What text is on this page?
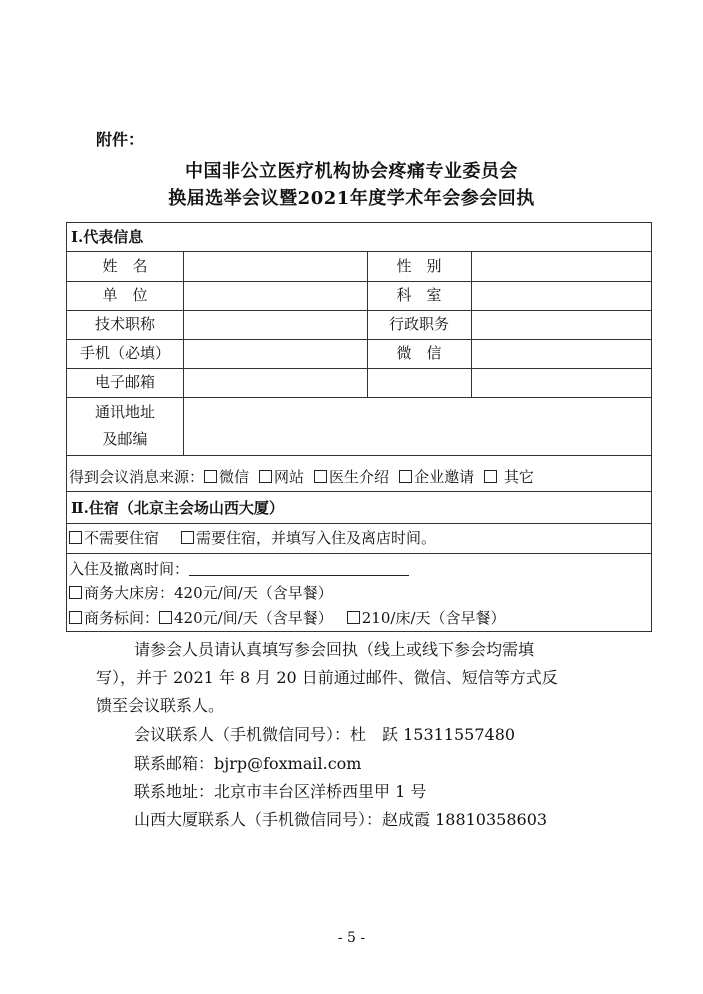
附件：
中国非公立医疗机构协会疼痛专业委员会
换届选举会议暨2021年度学术年会参会回执
Ⅰ.代表信息
姓　名	性　别
单　位	科　室
技术职称	行政职务
手机（必填）	微　信
电子邮箱
通讯地址
及邮编
得到会议消息来源： 微信 网站 医生介绍 企业邀请 其它
Ⅱ.住宿（北京主会场山西大厦）
不需要住宿 需要住宿，并填写入住及离店时间。
入住及撤离时间：
商务大床房：420元/间/天（含早餐）
商务标间： 420元/间/天（含早餐） 210/床/天（含早餐）
请参会人员请认真填写参会回执（线上或线下参会均需填
写），并于 2021 年 8 月 20 日前通过邮件、微信、短信等方式反
馈至会议联系人。
会议联系人（手机微信同号）：杜　跃 15311557480
联系邮箱：bjrp@foxmail.com
联系地址：北京市丰台区洋桥西里甲 1 号
山西大厦联系人（手机微信同号）：赵成霞 18810358603
- 5 -
